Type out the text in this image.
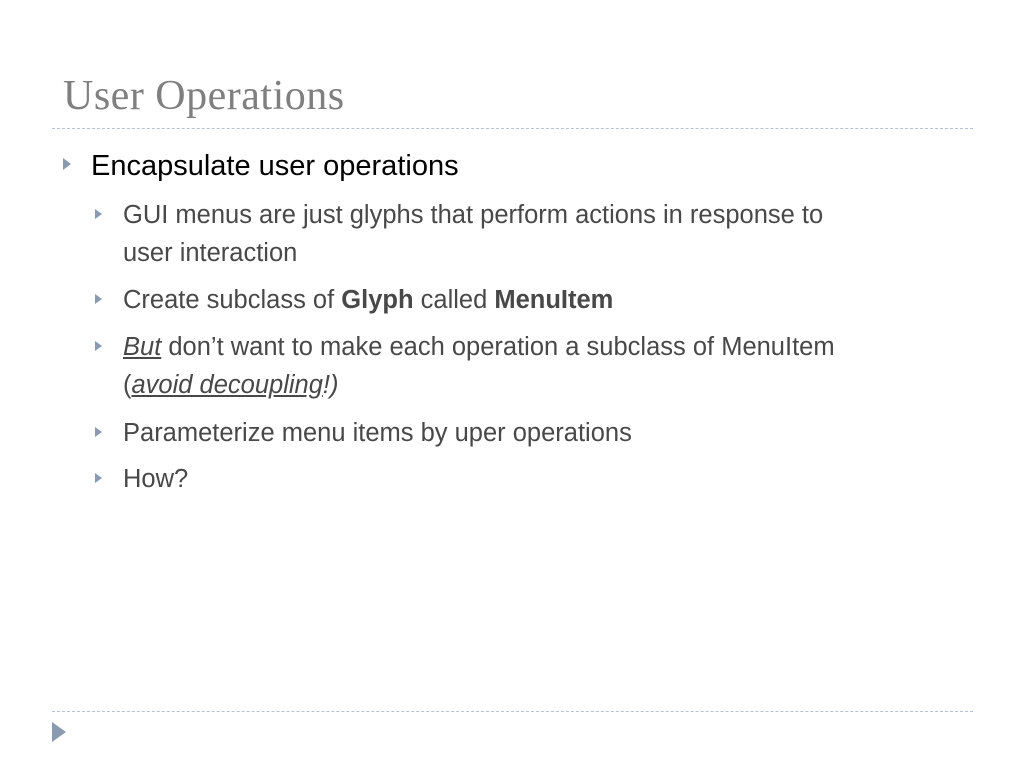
User Operations
Encapsulate user operations
GUI menus are just glyphs that perform actions in response to
user interaction
Create subclass of Glyph called MenuItem
But don’t want to make each operation a subclass of MenuItem
(avoid decoupling!)
Parameterize menu items by uper operations
How?
